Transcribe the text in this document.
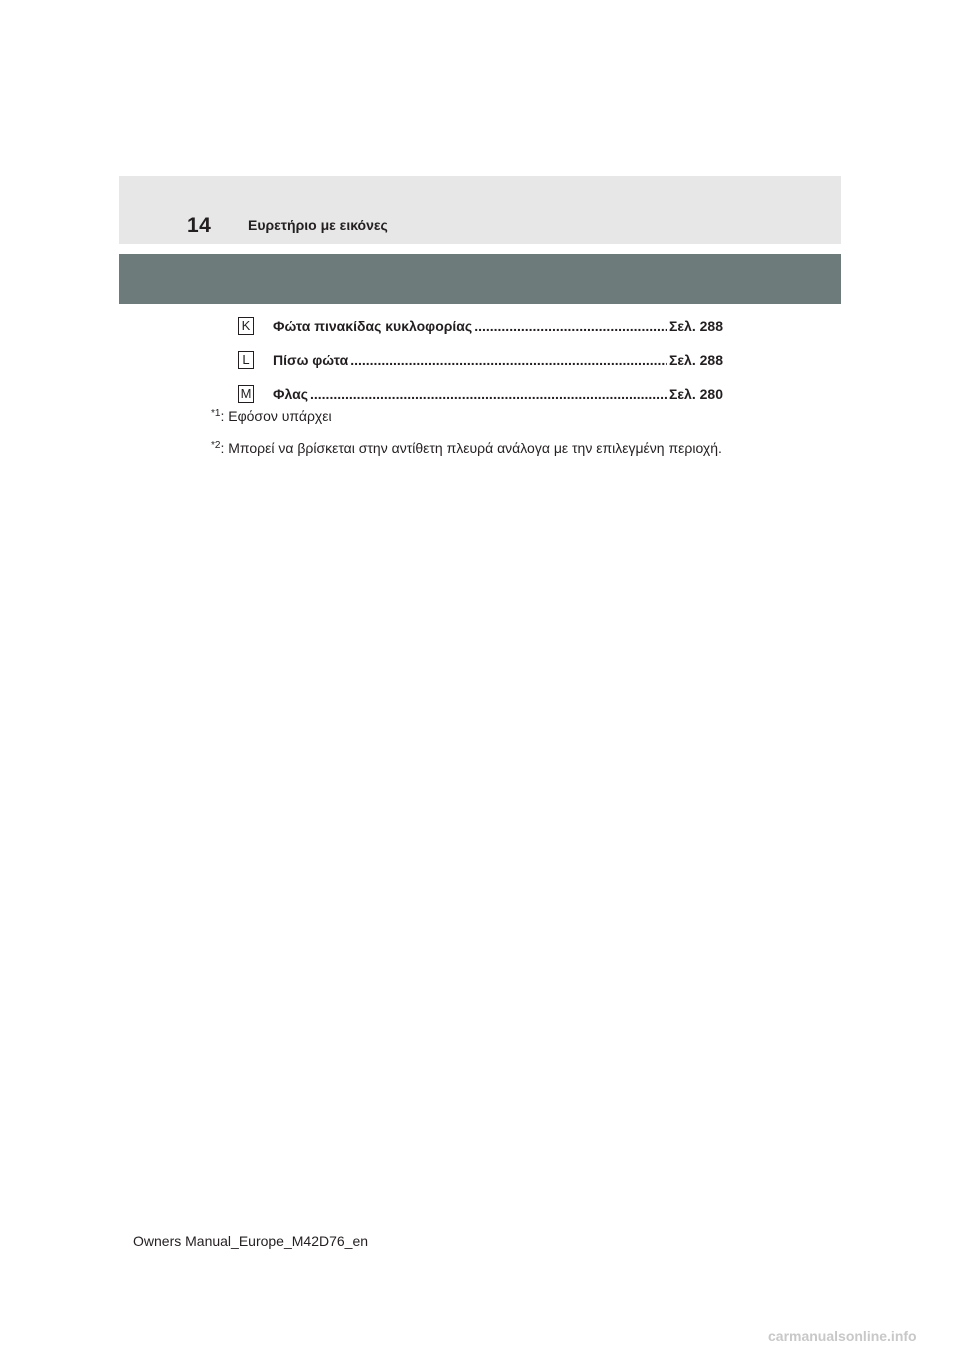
14	Ευρετήριο με εικόνες
K Φώτα πινακίδας κυκλοφορίας .....	Σελ. 288
L	Πίσω φώτα .....	Σελ. 288
M Φλας .....	Σελ. 280
$^{*1}$: Εφόσον υπάρχει
$^{*2}$: Μπορεί να βρίσκεται στην αντίθετη πλευρά ανάλογα με την επιλεγμένη περιοχή.
Owners Manual_Europe_M42D76_en
carmanualsonline.info
